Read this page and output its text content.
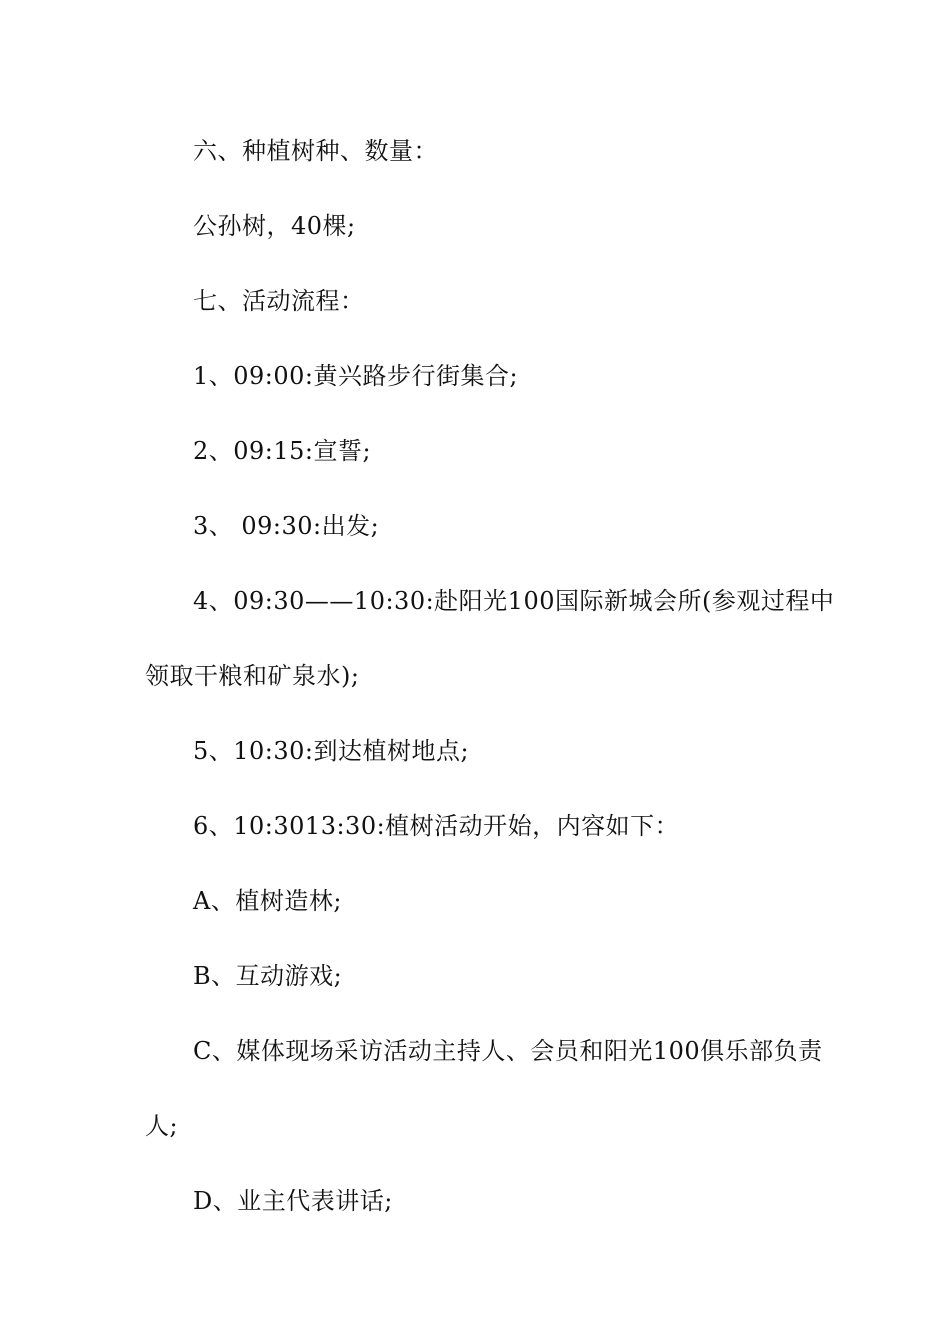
六、种植树种、数量：
公孙树，40棵;
七、活动流程：
1、09:00:黄兴路步行街集合;
2、09:15:宣誓;
3、 09:30:出发;
4、09:30——10:30:赴阳光100国际新城会所(参观过程中
领取干粮和矿泉水);
5、10:30:到达植树地点;
6、10:3013:30:植树活动开始，内容如下：
A、植树造林;
B、互动游戏;
C、媒体现场采访活动主持人、会员和阳光100俱乐部负责
人;
D、业主代表讲话;
